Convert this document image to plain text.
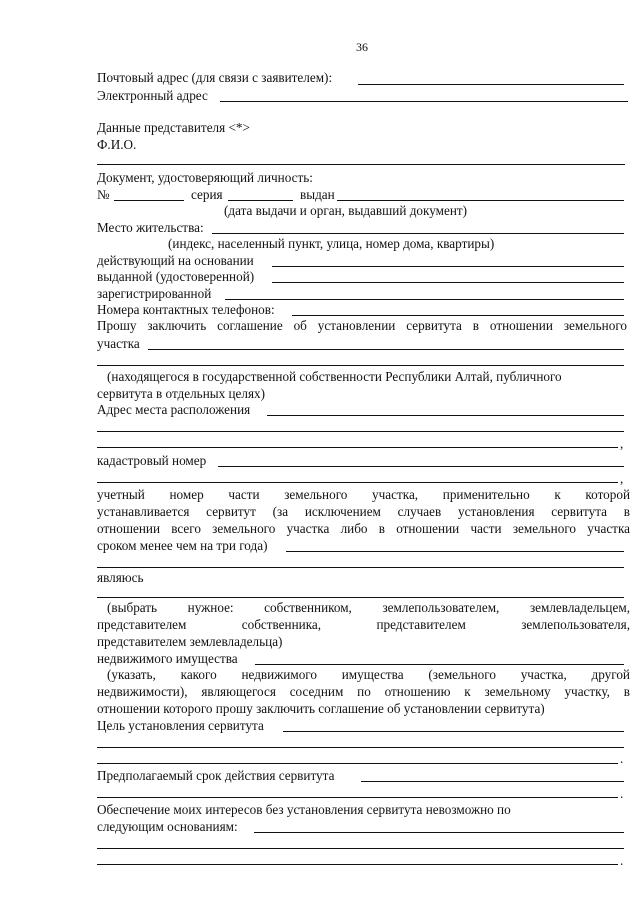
36
Почтовый адрес (для связи с заявителем):
Электронный адрес
Данные представителя <*>
Ф.И.О.
Документ, удостоверяющий личность:
№	серия	выдан
(дата выдачи и орган, выдавший документ)
Место жительства:
(индекс, населенный пункт, улица, номер дома, квартиры)
действующий на основании
выданной (удостоверенной)
зарегистрированной
Номера контактных телефонов:
Прошу заключить соглашение об установлении сервитута в отношении земельного
участка
(находящегося в государственной собственности Республики Алтай, публичного
сервитута в отдельных целях)
Адрес места расположения
,
кадастровый номер
,
учетный номер части земельного участка, применительно к которой
устанавливается сервитут (за исключением случаев установления сервитута в
отношении всего земельного участка либо в отношении части земельного участка
сроком менее чем на три года)
являюсь
(выбрать нужное: собственником, землепользователем, землевладельцем,
представителем собственника, представителем землепользователя,
представителем землевладельца)
недвижимого имущества
(указать, какого недвижимого имущества (земельного участка, другой
недвижимости), являющегося соседним по отношению к земельному участку, в
отношении которого прошу заключить соглашение об установлении сервитута)
Цель установления сервитута
.
Предполагаемый срок действия сервитута
.
Обеспечение моих интересов без установления сервитута невозможно по
следующим основаниям:
.
